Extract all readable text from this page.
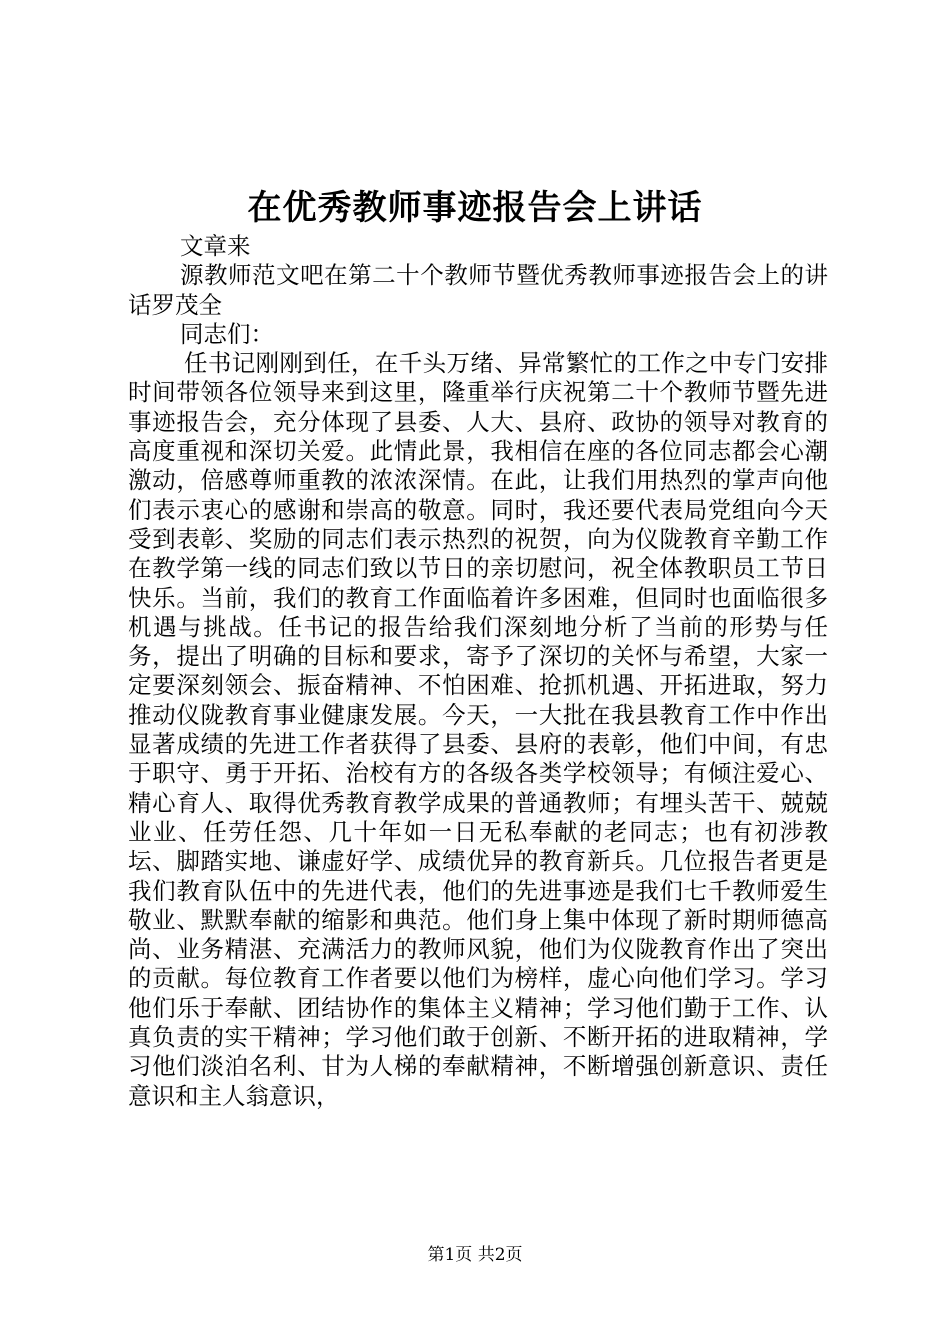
在优秀教师事迹报告会上讲话

文章来

源教师范文吧在第二十个教师节暨优秀教师事迹报告会上的讲话罗茂全

同志们：

任书记刚刚到任，在千头万绪、异常繁忙的工作之中专门安排时间带领各位领导来到这里，隆重举行庆祝第二十个教师节暨先进事迹报告会，充分体现了县委、人大、县府、政协的领导对教育的高度重视和深切关爱。此情此景，我相信在座的各位同志都会心潮激动，倍感尊师重教的浓浓深情。在此，让我们用热烈的掌声向他们表示衷心的感谢和崇高的敬意。同时，我还要代表局党组向今天受到表彰、奖励的同志们表示热烈的祝贺，向为仪陇教育辛勤工作在教学第一线的同志们致以节日的亲切慰问，祝全体教职员工节日快乐。当前，我们的教育工作面临着许多困难，但同时也面临很多机遇与挑战。任书记的报告给我们深刻地分析了当前的形势与任务，提出了明确的目标和要求，寄予了深切的关怀与希望，大家一定要深刻领会、振奋精神、不怕困难、抢抓机遇、开拓进取，努力推动仪陇教育事业健康发展。今天，一大批在我县教育工作中作出显著成绩的先进工作者获得了县委、县府的表彰，他们中间，有忠于职守、勇于开拓、治校有方的各级各类学校领导；有倾注爱心、精心育人、取得优秀教育教学成果的普通教师；有埋头苦干、兢兢业业、任劳任怨、几十年如一日无私奉献的老同志；也有初涉教坛、脚踏实地、谦虚好学、成绩优异的教育新兵。几位报告者更是我们教育队伍中的先进代表，他们的先进事迹是我们七千教师爱生敬业、默默奉献的缩影和典范。他们身上集中体现了新时期师德高尚、业务精湛、充满活力的教师风貌，他们为仪陇教育作出了突出的贡献。每位教育工作者要以他们为榜样，虚心向他们学习。学习他们乐于奉献、团结协作的集体主义精神；学习他们勤于工作、认真负责的实干精神；学习他们敢于创新、不断开拓的进取精神，学习他们淡泊名利、甘为人梯的奉献精神，不断增强创新意识、责任意识和主人翁意识，

第1页 共2页
